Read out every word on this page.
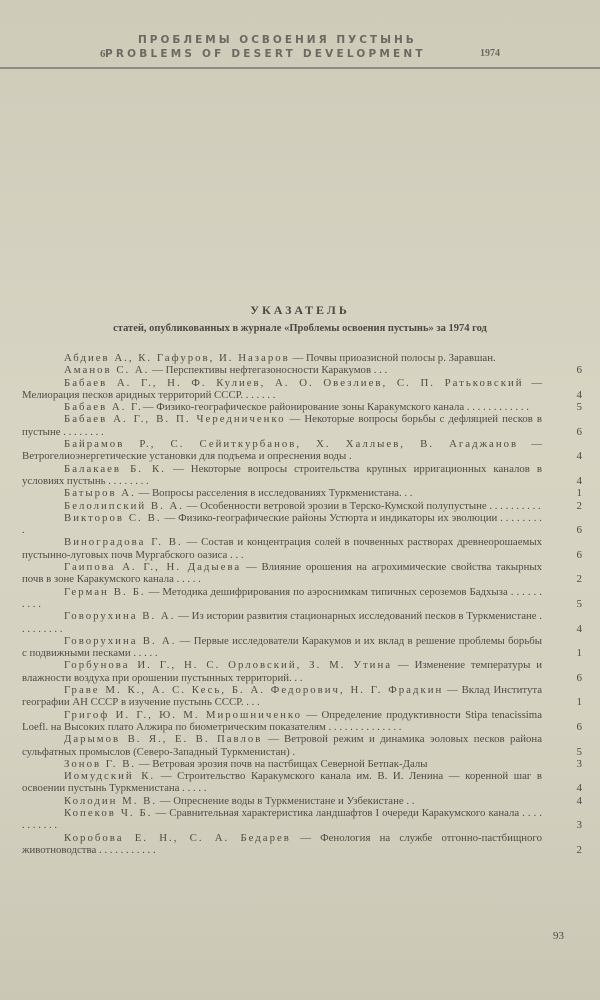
ПРОБЛЕМЫ ОСВОЕНИЯ ПУСТЫНЬ
6 PROBLEMS OF DESERT DEVELOPMENT	1974
УКАЗАТЕЛЬ
статей, опубликованных в журнале «Проблемы освоения пустынь» за 1974 год
Абдиев А., К. Гафуров, И. Назаров — Почвы приоазисной полосы р. Заравшан.
Аманов С. А. — Перспективы нефтегазоносности Каракумов . . .	6
Бабаев А. Г., Н. Ф. Кулиев, А. О. Овезлиев, С. П. Ратьковский — Мелиорация песков аридных территорий СССР. . . . . . .	4
Бабаев А. Г.— Физико-географическое районирование зоны Каракумского канала . . . . . . . . . . . .	5
Бабаев А. Г., В. П. Чередниченко — Некоторые вопросы борьбы с дефляцией песков в пустыне . . . . . . . .	6
Байрамов Р., С. Сейиткурбанов, Х. Халлыев, В. Агаджанов — Ветрогелиоэнергетические установки для подъема и опреснения воды .	4
Балакаев Б. К. — Некоторые вопросы строительства крупных ирригационных каналов в условиях пустынь . . . . . . . .	4
Батыров А. — Вопросы расселения в исследованиях Туркменистана. . .	1
Белолипский В. А. — Особенности ветровой эрозии в Терско-Кумской полупустыне . . . . . . . . . .	2
Викторов С. В. — Физико-географические районы Устюрта и индикаторы их эволюции . . . . . . . . .	6
Виноградова Г. В. — Состав и концентрация солей в почвенных растворах древнеорошаемых пустынно-луговых почв Мургабского оазиса . . .	6
Гаипова А. Г., Н. Дадыева — Влияние орошения на агрохимические свойства такырных почв в зоне Каракумского канала . . . . .	2
Герман В. Б. — Методика дешифрирования по аэроснимкам типичных сероземов Бадхыза . . . . . . . . . .	5
Говорухина В. А. — Из истории развития стационарных исследований песков в Туркменистане . . . . . . . . .	4
Говорухина В. А. — Первые исследователи Каракумов и их вклад в решение проблемы борьбы с подвижными песками . . . . .	1
Горбунова И. Г., Н. С. Орловский, З. М. Утина — Изменение температуры и влажности воздуха при орошении пустынных территорий. . .	6
Граве М. К., А. С. Кесь, Б. А. Федорович, Н. Г. Фрадкин — Вклад Института географии АН СССР в изучение пустынь СССР. . . .	1
Григоф И. Г., Ю. М. Мирошниченко — Определение продуктивности Stipa tenacissima Loefl. на Высоких плато Алжира по биометрическим показателям . . . . . . . . . . . . . .	6
Дарымов В. Я., Е. В. Павлов — Ветровой режим и динамика эоловых песков района сульфатных промыслов (Северо-Западный Туркменистан) .	5
Зонов Г. В. — Ветровая эрозия почв на пастбищах Северной Бетпак-Далы	3
Иомудский К. — Строительство Каракумского канала им. В. И. Ленина — коренной шаг в освоении пустынь Туркменистана . . . . .	4
Колодин М. В. — Опреснение воды в Туркменистане и Узбекистане . .	4
Копеков Ч. Б. — Сравнительная характеристика ландшафтов I очереди Каракумского канала . . . . . . . . . . .	3
Коробова Е. Н., С. А. Бедарев — Фенология на службе отгонно-пастбищного животноводства . . . . . . . . . . .	2
93
